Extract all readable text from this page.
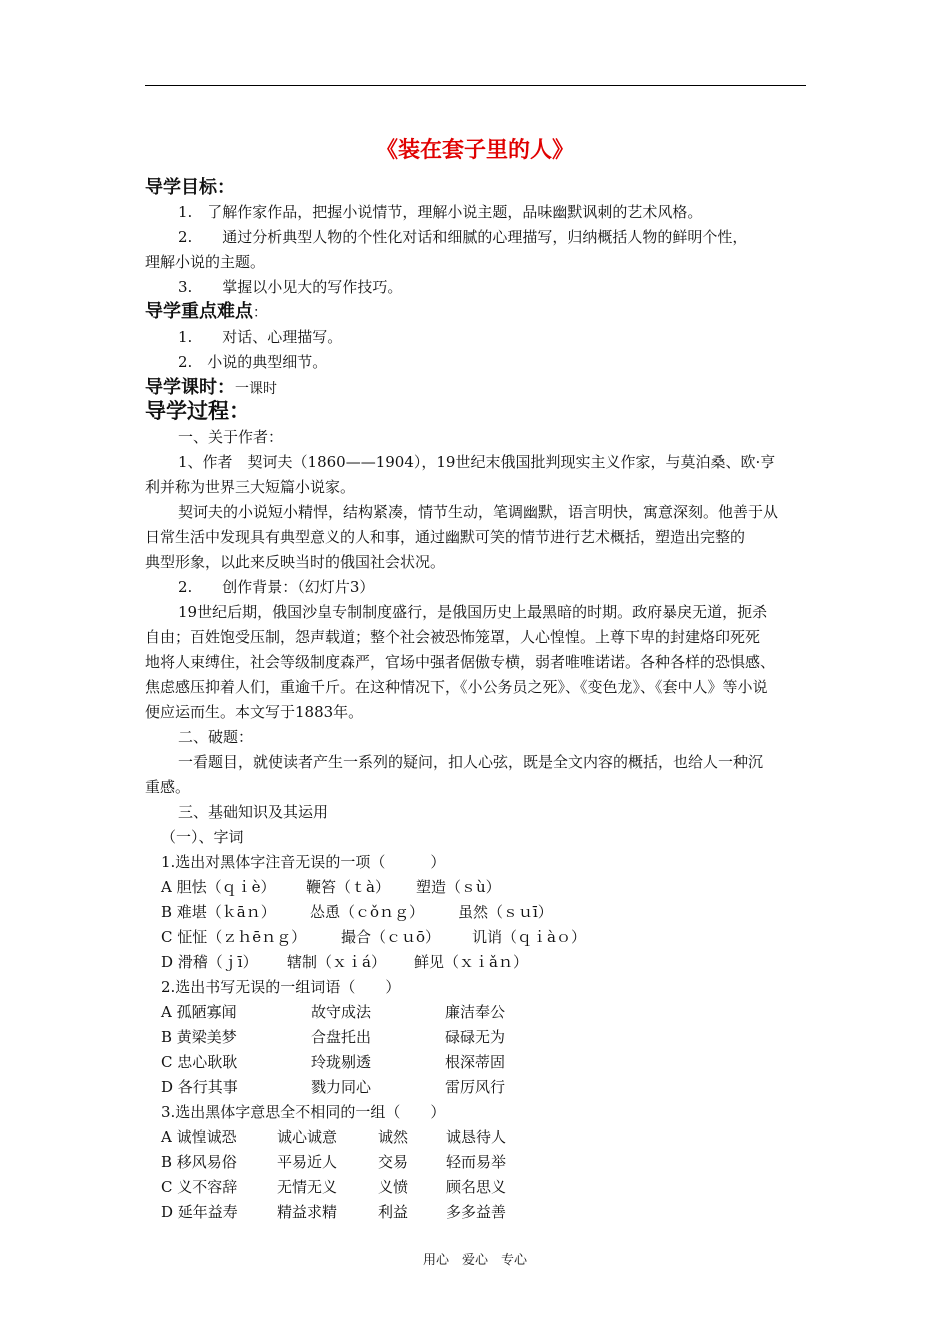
《装在套子里的人》
导学目标：
1.　了解作家作品，把握小说情节，理解小说主题，品味幽默讽刺的艺术风格。
2.　　通过分析典型人物的个性化对话和细腻的心理描写，归纳概括人物的鲜明个性，
理解小说的主题。
3.　　掌握以小见大的写作技巧。
导学重点难点：
1.　　对话、心理描写。
2.　小说的典型细节。
导学课时：一课时
导学过程：
一、关于作者：
1、作者　契诃夫（1860——1904），19世纪末俄国批判现实主义作家，与莫泊桑、欧·亨
利并称为世界三大短篇小说家。
契诃夫的小说短小精悍，结构紧凑，情节生动，笔调幽默，语言明快，寓意深刻。他善于从
日常生活中发现具有典型意义的人和事，通过幽默可笑的情节进行艺术概括，塑造出完整的
典型形象，以此来反映当时的俄国社会状况。
2.　　创作背景：（幻灯片3）
19世纪后期，俄国沙皇专制制度盛行，是俄国历史上最黑暗的时期。政府暴戾无道，扼杀
自由；百姓饱受压制，怨声载道；整个社会被恐怖笼罩，人心惶惶。上尊下卑的封建烙印死死
地将人束缚住，社会等级制度森严，官场中强者倨傲专横，弱者唯唯诺诺。各种各样的恐惧感、
焦虑感压抑着人们，重逾千斤。在这种情况下，《小公务员之死》、《变色龙》、《套中人》等小说
便应运而生。本文写于1883年。
二、破题：
一看题目，就使读者产生一系列的疑问，扣人心弦，既是全文内容的概括，也给人一种沉
重感。
三、基础知识及其运用
（一）、字词
1.选出对黑体字注音无误的一项（　　　）
A 胆怯（ｑｉè） 鞭笞（ｔà） 塑造（ｓù）
B 难堪（ｋāｎ） 怂恿（ｃǒｎｇ） 虽然（ｓｕī）
C 怔怔（ｚｈēｎｇ） 撮合（ｃｕō） 讥诮（ｑｉàｏ）
D 滑稽（ｊī） 辖制（ｘｉá） 鲜见（ｘｉǎｎ）
2.选出书写无误的一组词语（　　）
A 孤陋寡闻	故守成法	廉洁奉公
B 黄梁美梦	合盘托出	碌碌无为
C 忠心耿耿	玲珑剔透	根深蒂固
D 各行其事	戮力同心	雷厉风行
3.选出黑体字意思全不相同的一组（　　）
A 诚惶诚恐	诚心诚意	诚然	诚恳待人
B 移风易俗	平易近人	交易	轻而易举
C 义不容辞	无情无义	义愤	顾名思义
D 延年益寿	精益求精	利益	多多益善
用心　爱心　专心
